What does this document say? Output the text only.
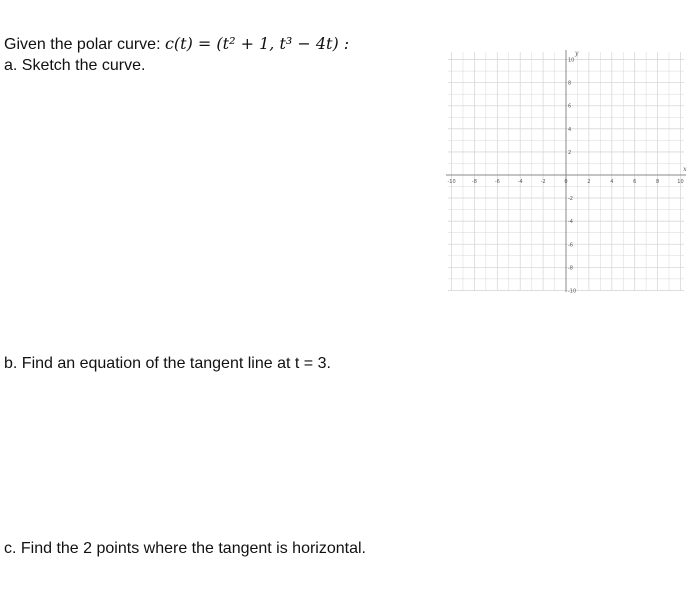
Given the polar curve: c(t) = (t² + 1, t³ − 4t) :
a. Sketch the curve.
-10	-8	-6	-4	-2	0	2	4	6	8	10
10
8
6
4
2
-2
-4
-6
-8
-10
x
y
b. Find an equation of the tangent line at t = 3.
c. Find the 2 points where the tangent is horizontal.
